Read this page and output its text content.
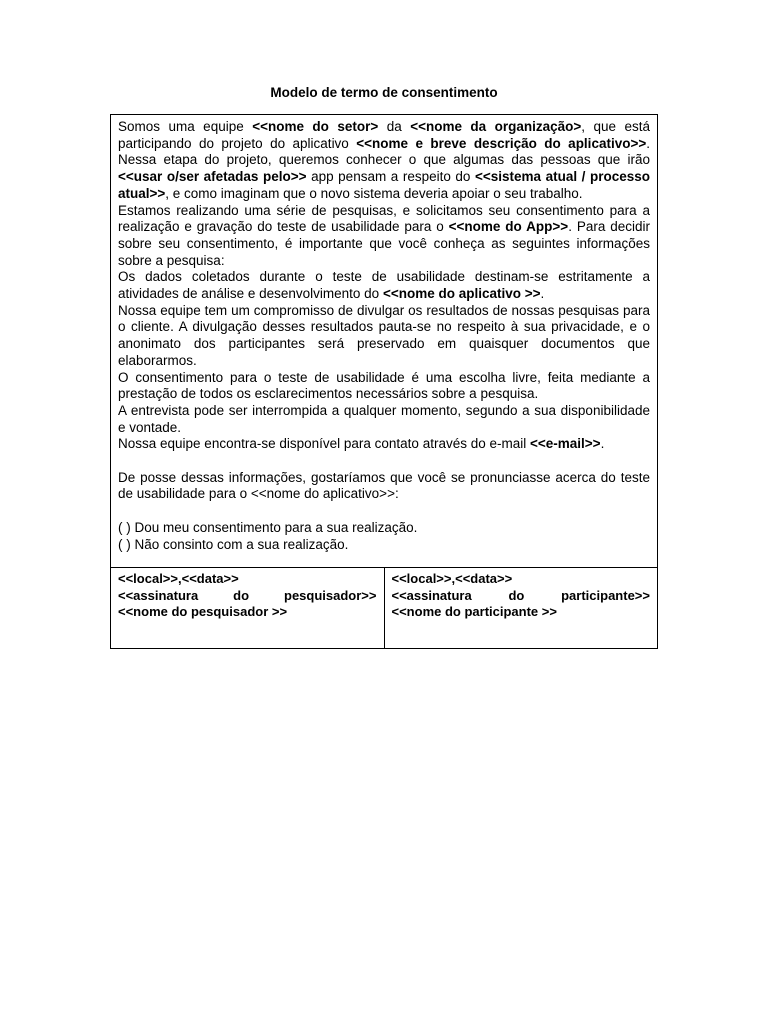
Modelo de termo de consentimento

Somos uma equipe <<nome do setor> da <<nome da organização>, que está participando do projeto do aplicativo <<nome e breve descrição do aplicativo>>. Nessa etapa do projeto, queremos conhecer o que algumas das pessoas que irão <<usar o/ser afetadas pelo>> app pensam a respeito do <<sistema atual / processo atual>>, e como imaginam que o novo sistema deveria apoiar o seu trabalho.

Estamos realizando uma série de pesquisas, e solicitamos seu consentimento para a realização e gravação do teste de usabilidade para o <<nome do App>>. Para decidir sobre seu consentimento, é importante que você conheça as seguintes informações sobre a pesquisa:

Os dados coletados durante o teste de usabilidade destinam-se estritamente a atividades de análise e desenvolvimento do <<nome do aplicativo >>.

Nossa equipe tem um compromisso de divulgar os resultados de nossas pesquisas para o cliente. A divulgação desses resultados pauta-se no respeito à sua privacidade, e o anonimato dos participantes será preservado em quaisquer documentos que elaborarmos.

O consentimento para o teste de usabilidade é uma escolha livre, feita mediante a prestação de todos os esclarecimentos necessários sobre a pesquisa.

A entrevista pode ser interrompida a qualquer momento, segundo a sua disponibilidade e vontade.

Nossa equipe encontra-se disponível para contato através do e-mail <<e-mail>>.

De posse dessas informações, gostaríamos que você se pronunciasse acerca do teste de usabilidade para o <<nome do aplicativo>>:

( ) Dou meu consentimento para a sua realização.

( ) Não consinto com a sua realização.

<<local>>,<<data>>
<<assinatura do pesquisador>>
<<nome do pesquisador >>
<<local>>,<<data>>
<<assinatura do participante>>
<<nome do participante >>
